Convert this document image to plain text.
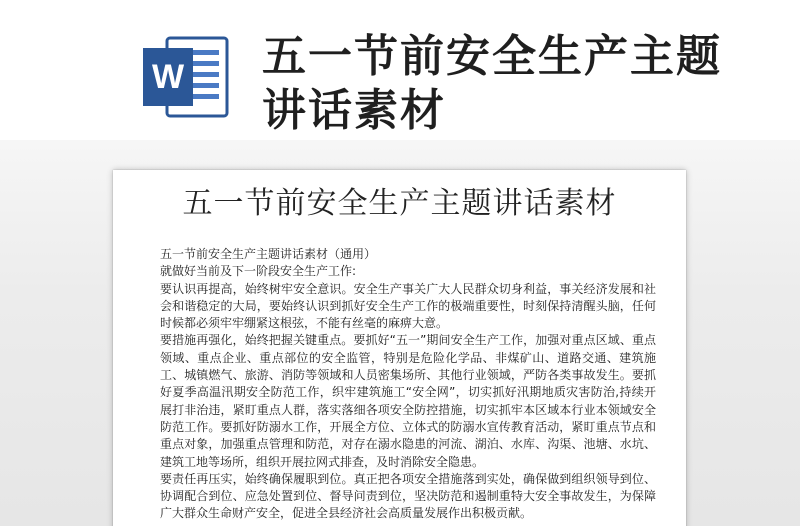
W 五一节前安全生产主题讲话素材
五一节前安全生产主题讲话素材

五一节前安全生产主题讲话素材（通用）

就做好当前及下一阶段安全生产工作:

要认识再提高，始终树牢安全意识。安全生产事关广大人民群众切身利益，事关经济发展和社会和谐稳定的大局，要始终认识到抓好安全生产工作的极端重要性，时刻保持清醒头脑，任何时候都必须牢牢绷紧这根弦，不能有丝毫的麻痹大意。

要措施再强化，始终把握关键重点。要抓好“五一”期间安全生产工作，加强对重点区域、重点领域、重点企业、重点部位的安全监管，特别是危险化学品、非煤矿山、道路交通、建筑施工、城镇燃气、旅游、消防等领域和人员密集场所、其他行业领域，严防各类事故发生。要抓好夏季高温汛期安全防范工作，织牢建筑施工“安全网”，切实抓好汛期地质灾害防治,持续开展打非治违，紧盯重点人群，落实落细各项安全防控措施，切实抓牢本区域本行业本领域安全防范工作。要抓好防溺水工作，开展全方位、立体式的防溺水宣传教育活动，紧盯重点节点和重点对象，加强重点管理和防范，对存在溺水隐患的河流、湖泊、水库、沟渠、池塘、水坑、建筑工地等场所，组织开展拉网式排查，及时消除安全隐患。

要责任再压实，始终确保履职到位。真正把各项安全措施落到实处，确保做到组织领导到位、协调配合到位、应急处置到位、督导问责到位，坚决防范和遏制重特大安全事故发生，为保障广大群众生命财产安全，促进全县经济社会高质量发展作出积极贡献。
